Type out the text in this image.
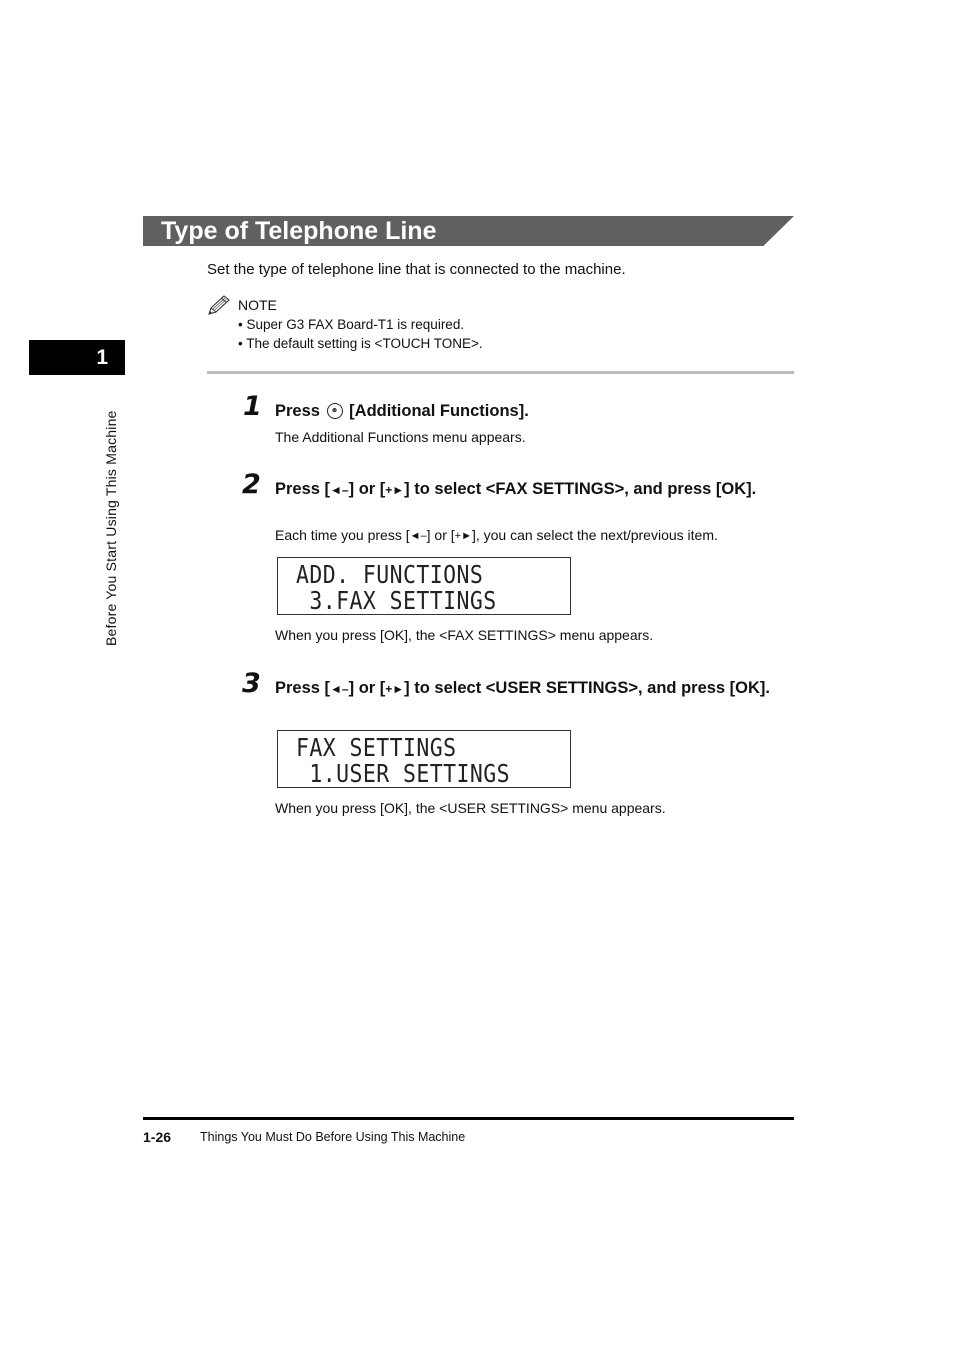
Type of Telephone Line
Set the type of telephone line that is connected to the machine.
NOTE
• Super G3 FAX Board-T1 is required.
• The default setting is <TOUCH TONE>.
1
Before You Start Using This Machine
1 Press ⊛ [Additional Functions].
The Additional Functions menu appears.
2 Press [◄–] or [+►] to select <FAX SETTINGS>, and press [OK].
Each time you press [◄–] or [+►], you can select the next/previous item.
ADD. FUNCTIONS
3.FAX SETTINGS
When you press [OK], the <FAX SETTINGS> menu appears.
3 Press [◄–] or [+►] to select <USER SETTINGS>, and press [OK].
FAX SETTINGS
1.USER SETTINGS
When you press [OK], the <USER SETTINGS> menu appears.
1-26 Things You Must Do Before Using This Machine
